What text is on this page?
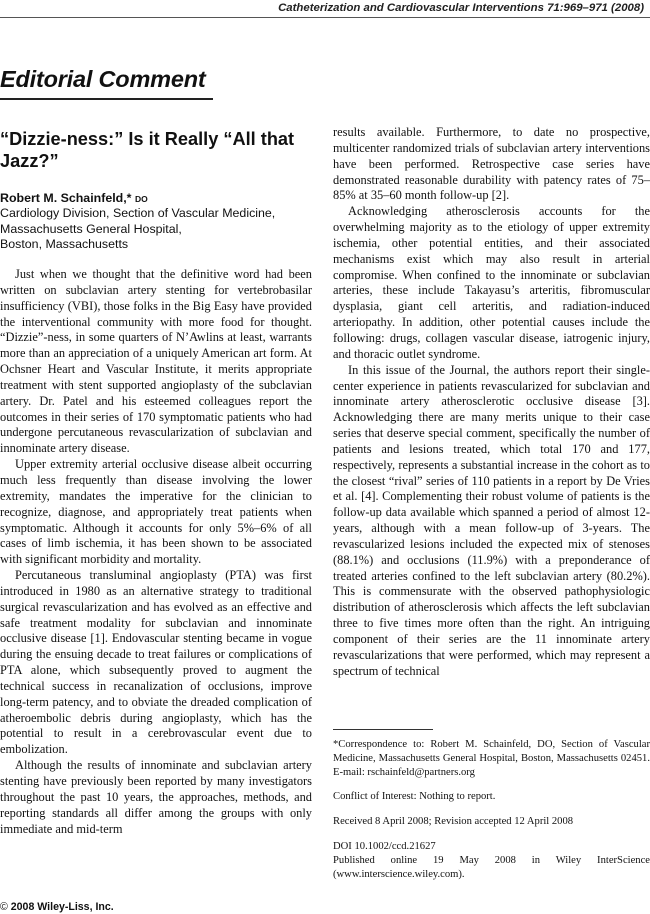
Catheterization and Cardiovascular Interventions 71:969–971 (2008)
Editorial Comment
“Dizzie-ness:” Is it Really “All that Jazz?”
Robert M. Schainfeld,* DO
Cardiology Division, Section of Vascular Medicine,
Massachusetts General Hospital,
Boston, Massachusetts

Just when we thought that the definitive word had been written on subclavian artery stenting for vertebrobasilar insufficiency (VBI), those folks in the Big Easy have provided the interventional community with more food for thought. “Dizzie”-ness, in some quarters of N’Awlins at least, warrants more than an appreciation of a uniquely American art form. At Ochsner Heart and Vascular Institute, it merits appropriate treatment with stent supported angioplasty of the subclavian artery. Dr. Patel and his esteemed colleagues report the outcomes in their series of 170 symptomatic patients who had undergone percutaneous revascularization of subclavian and innominate artery disease.

Upper extremity arterial occlusive disease albeit occurring much less frequently than disease involving the lower extremity, mandates the imperative for the clinician to recognize, diagnose, and appropriately treat patients when symptomatic. Although it accounts for only 5%–6% of all cases of limb ischemia, it has been shown to be associated with significant morbidity and mortality.

Percutaneous transluminal angioplasty (PTA) was first introduced in 1980 as an alternative strategy to traditional surgical revascularization and has evolved as an effective and safe treatment modality for subclavian and innominate occlusive disease [1]. Endovascular stenting became in vogue during the ensuing decade to treat failures or complications of PTA alone, which subsequently proved to augment the technical success in recanalization of occlusions, improve long-term patency, and to obviate the dreaded complication of atheroembolic debris during angioplasty, which has the potential to result in a cerebrovascular event due to embolization.

Although the results of innominate and subclavian artery stenting have previously been reported by many investigators throughout the past 10 years, the approaches, methods, and reporting standards all differ among the groups with only immediate and mid-term

results available. Furthermore, to date no prospective, multicenter randomized trials of subclavian artery interventions have been performed. Retrospective case series have demonstrated reasonable durability with patency rates of 75–85% at 35–60 month follow-up [2].

Acknowledging atherosclerosis accounts for the overwhelming majority as to the etiology of upper extremity ischemia, other potential entities, and their associated mechanisms exist which may also result in arterial compromise. When confined to the innominate or subclavian arteries, these include Takayasu’s arteritis, fibromuscular dysplasia, giant cell arteritis, and radiation-induced arteriopathy. In addition, other potential causes include the following: drugs, collagen vascular disease, iatrogenic injury, and thoracic outlet syndrome.

In this issue of the Journal, the authors report their single-center experience in patients revascularized for subclavian and innominate artery atherosclerotic occlusive disease [3]. Acknowledging there are many merits unique to their case series that deserve special comment, specifically the number of patients and lesions treated, which total 170 and 177, respectively, represents a substantial increase in the cohort as to the closest “rival” series of 110 patients in a report by De Vries et al. [4]. Complementing their robust volume of patients is the follow-up data available which spanned a period of almost 12-years, although with a mean follow-up of 3-years. The revascularized lesions included the expected mix of stenoses (88.1%) and occlusions (11.9%) with a preponderance of treated arteries confined to the left subclavian artery (80.2%). This is commensurate with the observed pathophysiologic distribution of atherosclerosis which affects the left subclavian three to five times more often than the right. An intriguing component of their series are the 11 innominate artery revascularizations that were performed, which may represent a spectrum of technical

*Correspondence to: Robert M. Schainfeld, DO, Section of Vascular Medicine, Massachusetts General Hospital, Boston, Massachusetts 02451. E-mail: rschainfeld@partners.org
Conflict of Interest: Nothing to report.
Received 8 April 2008; Revision accepted 12 April 2008
DOI 10.1002/ccd.21627
Published online 19 May 2008 in Wiley InterScience (www.interscience.wiley.com).
© 2008 Wiley-Liss, Inc.
